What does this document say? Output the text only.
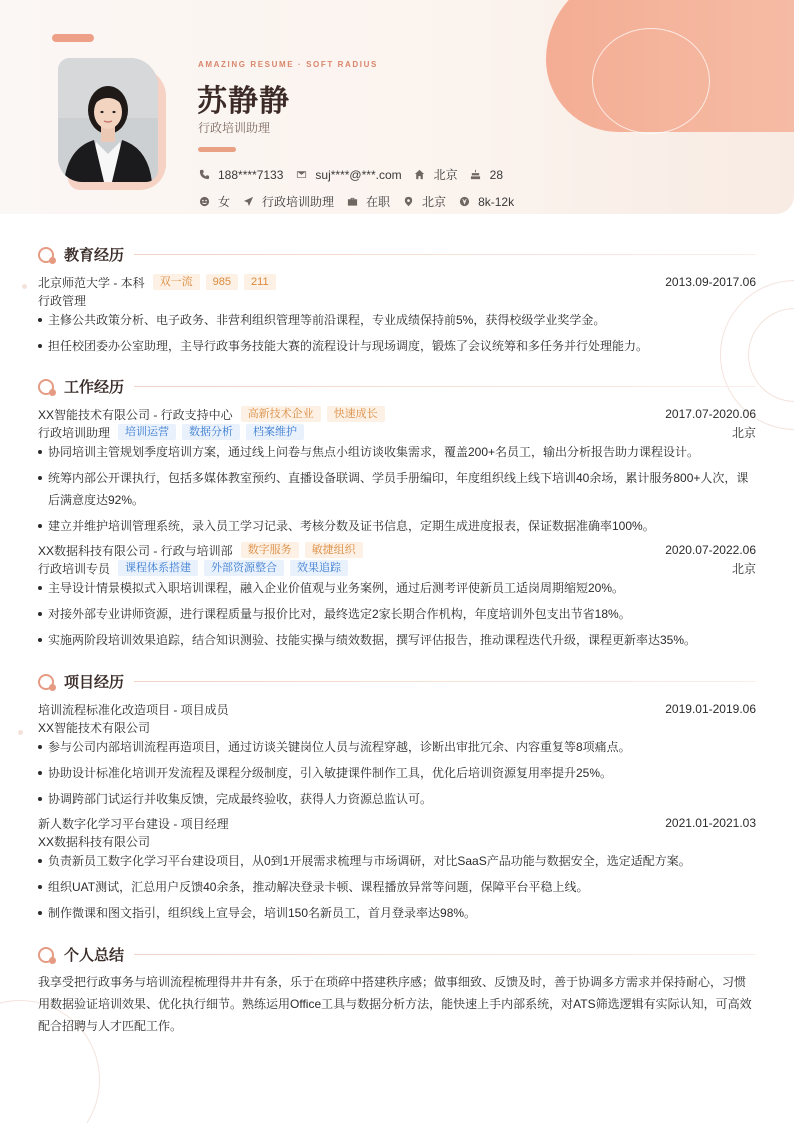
AMAZING RESUME · SOFT RADIUS
苏静静
行政培训助理
188****7133	suj****@***.com	北京	28
女	行政培训助理	在职	北京	8k-12k
教育经历
北京师范大学 - 本科	双一流	985	211	2013.09-2017.06
行政管理
主修公共政策分析、电子政务、非营利组织管理等前沿课程，专业成绩保持前5%，获得校级学业奖学金。
担任校团委办公室助理，主导行政事务技能大赛的流程设计与现场调度，锻炼了会议统筹和多任务并行处理能力。
工作经历
XX智能技术有限公司 - 行政支持中心	高新技术企业	快速成长	2017.07-2020.06
行政培训助理	培训运营	数据分析	档案维护	北京
协同培训主管规划季度培训方案，通过线上问卷与焦点小组访谈收集需求，覆盖200+名员工，输出分析报告助力课程设计。
统筹内部公开课执行，包括多媒体教室预约、直播设备联调、学员手册编印，年度组织线上线下培训40余场，累计服务800+人次，课后满意度达92%。
建立并维护培训管理系统，录入员工学习记录、考核分数及证书信息，定期生成进度报表，保证数据准确率100%。
XX数据科技有限公司 - 行政与培训部	数字服务	敏捷组织	2020.07-2022.06
行政培训专员	课程体系搭建	外部资源整合	效果追踪	北京
主导设计情景模拟式入职培训课程，融入企业价值观与业务案例，通过后测考评使新员工适岗周期缩短20%。
对接外部专业讲师资源，进行课程质量与报价比对，最终选定2家长期合作机构，年度培训外包支出节省18%。
实施两阶段培训效果追踪，结合知识测验、技能实操与绩效数据，撰写评估报告，推动课程迭代升级，课程更新率达35%。
项目经历
培训流程标准化改造项目 - 项目成员	2019.01-2019.06
XX智能技术有限公司
参与公司内部培训流程再造项目，通过访谈关键岗位人员与流程穿越，诊断出审批冗余、内容重复等8项痛点。
协助设计标准化培训开发流程及课程分级制度，引入敏捷课件制作工具，优化后培训资源复用率提升25%。
协调跨部门试运行并收集反馈，完成最终验收，获得人力资源总监认可。
新人数字化学习平台建设 - 项目经理	2021.01-2021.03
XX数据科技有限公司
负责新员工数字化学习平台建设项目，从0到1开展需求梳理与市场调研，对比SaaS产品功能与数据安全，选定适配方案。
组织UAT测试，汇总用户反馈40余条，推动解决登录卡顿、课程播放异常等问题，保障平台平稳上线。
制作微课和图文指引，组织线上宣导会，培训150名新员工，首月登录率达98%。
个人总结
我享受把行政事务与培训流程梳理得井井有条，乐于在琐碎中搭建秩序感；做事细致、反馈及时，善于协调多方需求并保持耐心，习惯用数据验证培训效果、优化执行细节。熟练运用Office工具与数据分析方法，能快速上手内部系统，对ATS筛选逻辑有实际认知，可高效配合招聘与人才匹配工作。
